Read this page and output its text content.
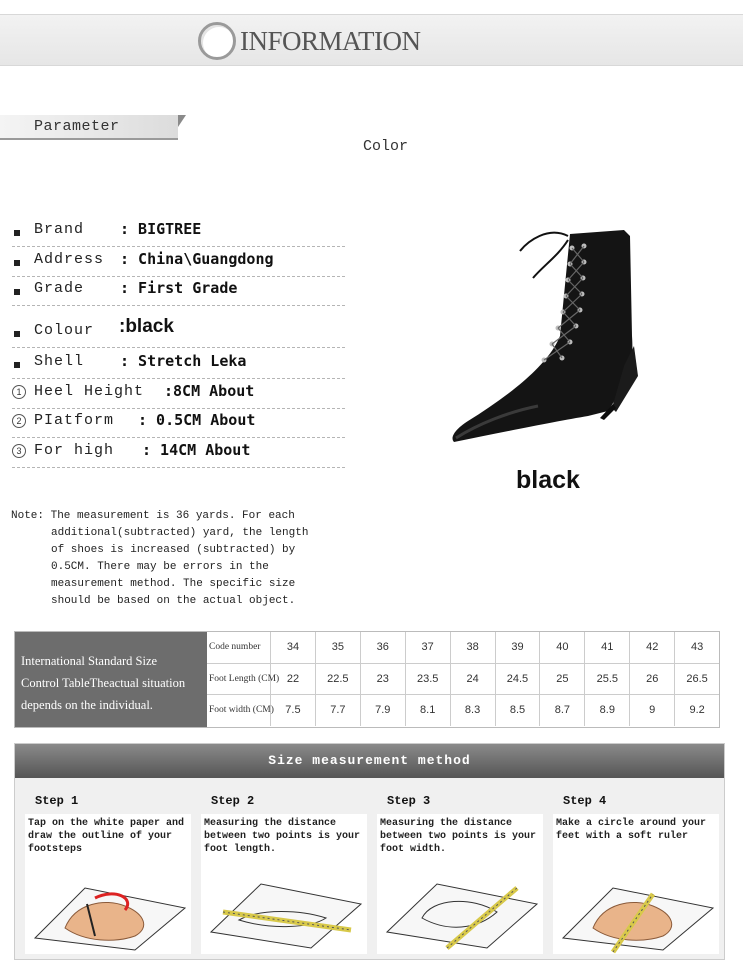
INFORMATION
Parameter
Color
Brand : BIGTREE
Address : China\Guangdong
Grade : First Grade
Colour :black
Shell : Stretch Leka
1 Heel Height :8CM About
2 PIatform : 0.5CM About
3 For high : 14CM About
black
Note: The measurement is 36 yards. For each
additional(subtracted) yard, the length
of shoes is increased (subtracted) by
0.5CM. There may be errors in the
measurement method. The specific size
should be based on the actual object.
International Standard Size
Control TableTheactual situation
depends on the individual.
Code number	34	35	36	37	38	39	40	41	42	43
Foot Length (CM) 22	22.5	23	23.5	24	24.5	25	25.5	26	26.5
Foot width (CM)	7.5	7.7	7.9	8.1	8.3	8.5	8.7	8.9	9	9.2
Size measurement method
Step 1
Tap on the white paper and draw the outline of your footsteps
Step 2
Measuring the distance between two points is your foot length.
Step 3
Measuring the distance between two points is your foot width.
Step 4
Make a circle around your feet with a soft ruler
